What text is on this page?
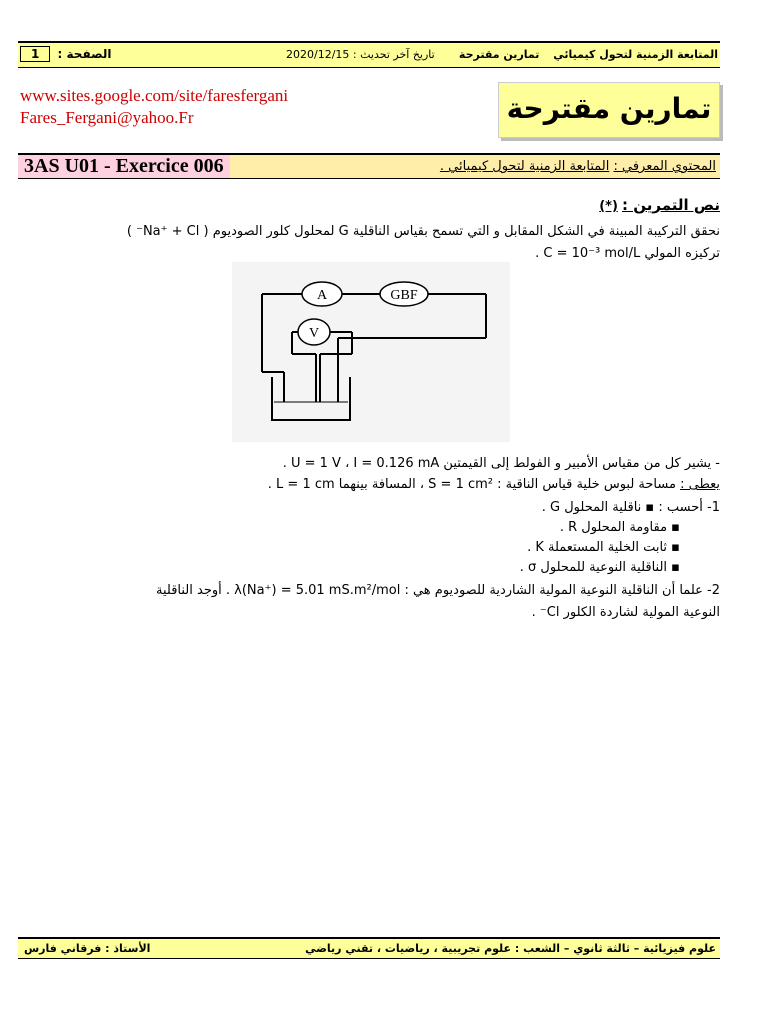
الصفحة : 1	تاريخ آخر تحديث : 2020/12/15	المتابعة الزمنية لتحول كيميائي تمارين مقترحة
www.sites.google.com/site/faresfergani
Fares_Fergani@yahoo.Fr	تمارين مقترحة
3AS U01 - Exercice 006	المحتوي المعرفي : المتابعة الزمنية لتحول كيميائي .
نص التمرين : (*)
نحقق التركيبة المبينة في الشكل المقابل و التي تسمح بقياس الناقلية G لمحلول كلور الصوديوم ( Na⁺ + Cl⁻ )
تركيزه المولي C = 10⁻³ mol/L .
A	GBF
V
- يشير كل من مقياس الأمبير و الفولط إلى القيمتين U = 1 V ، I = 0.126 mA .
يعطى : مساحة لبوس خلية قياس الناقية : S = 1 cm² ، المسافة بينهما L = 1 cm .
1- أحسب : ▪ ناقلية المحلول G .
▪ مقاومة المحلول R .
▪ ثابت الخلية المستعملة K .
▪ الناقلية النوعية للمحلول σ .
2- علما أن الناقلية النوعية المولية الشاردية للصوديوم هي : λ(Na⁺) = 5.01 mS.m²/mol . أوجد الناقلية
النوعية المولية لشاردة الكلور Cl⁻ .
الأستاذ : فرقاني فارس	علوم فيزيائية – ثالثة ثانوي – الشعب : علوم تجريبية ، رياضيات ، تقني رياضي
